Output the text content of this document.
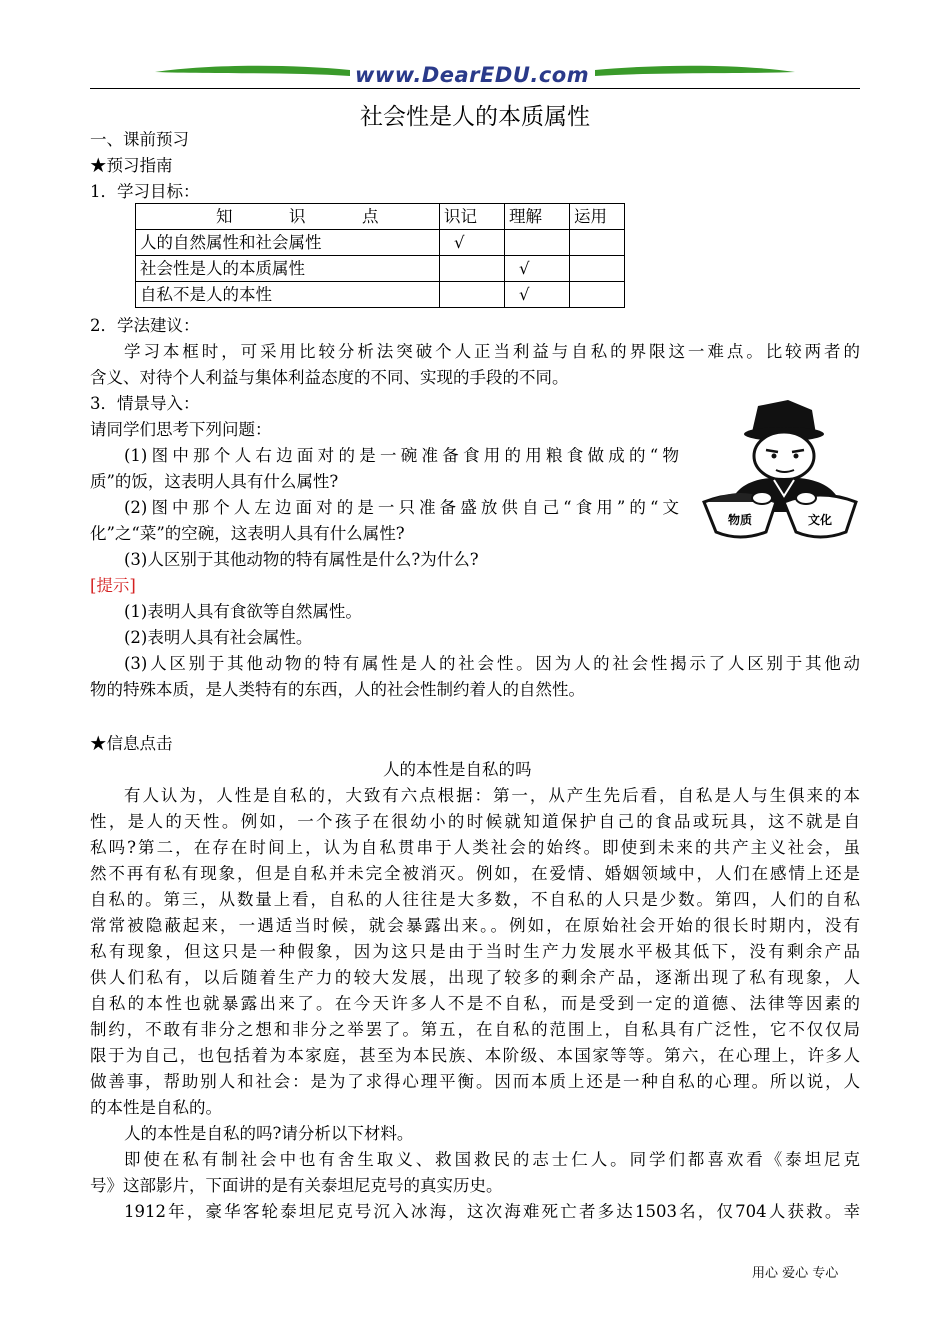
www.DearEDU.com
社会性是人的本质属性
一、课前预习
★预习指南
1．学习目标：
知　识　点	识记	理解	运用
人的自然属性和社会属性	√		
社会性是人的本质属性		√	
自私不是人的本性		√	
2．学法建议：
学习本框时，可采用比较分析法突破个人正当利益与自私的界限这一难点。比较两者的
含义、对待个人利益与集体利益态度的不同、实现的手段的不同。
3．情景导入：
请同学们思考下列问题：
(1)图中那个人右边面对的是一碗准备食用的用粮食做成的“物
质”的饭，这表明人具有什么属性?
(2)图中那个人左边面对的是一只准备盛放供自己“食用”的“文
化”之“菜”的空碗，这表明人具有什么属性?
(3)人区别于其他动物的特有属性是什么?为什么?
物质	文化
[提示]
(1)表明人具有食欲等自然属性。
(2)表明人具有社会属性。
(3)人区别于其他动物的特有属性是人的社会性。因为人的社会性揭示了人区别于其他动
物的特殊本质，是人类特有的东西，人的社会性制约着人的自然性。
★信息点击
人的本性是自私的吗
有人认为，人性是自私的，大致有六点根据：第一，从产生先后看，自私是人与生俱来的本
性，是人的天性。例如，一个孩子在很幼小的时候就知道保护自己的食品或玩具，这不就是自
私吗?第二，在存在时间上，认为自私贯串于人类社会的始终。即使到未来的共产主义社会，虽
然不再有私有现象，但是自私并未完全被消灭。例如，在爱情、婚姻领域中，人们在感情上还是
自私的。第三，从数量上看，自私的人往往是大多数，不自私的人只是少数。第四，人们的自私
常常被隐蔽起来，一遇适当时候，就会暴露出来。。例如，在原始社会开始的很长时期内，没有
私有现象，但这只是一种假象，因为这只是由于当时生产力发展水平极其低下，没有剩余产品
供人们私有，以后随着生产力的较大发展，出现了较多的剩余产品，逐渐出现了私有现象，人
自私的本性也就暴露出来了。在今天许多人不是不自私，而是受到一定的道德、法律等因素的
制约，不敢有非分之想和非分之举罢了。第五，在自私的范围上，自私具有广泛性，它不仅仅局
限于为自己，也包括着为本家庭，甚至为本民族、本阶级、本国家等等。第六，在心理上，许多人
做善事，帮助别人和社会：是为了求得心理平衡。因而本质上还是一种自私的心理。所以说，人
的本性是自私的。
人的本性是自私的吗?请分析以下材料。
即使在私有制社会中也有舍生取义、救国救民的志士仁人。同学们都喜欢看《泰坦尼克
号》这部影片，下面讲的是有关泰坦尼克号的真实历史。
1912年，豪华客轮泰坦尼克号沉入冰海，这次海难死亡者多达1503名，仅704人获救。幸
用心 爱心 专心
